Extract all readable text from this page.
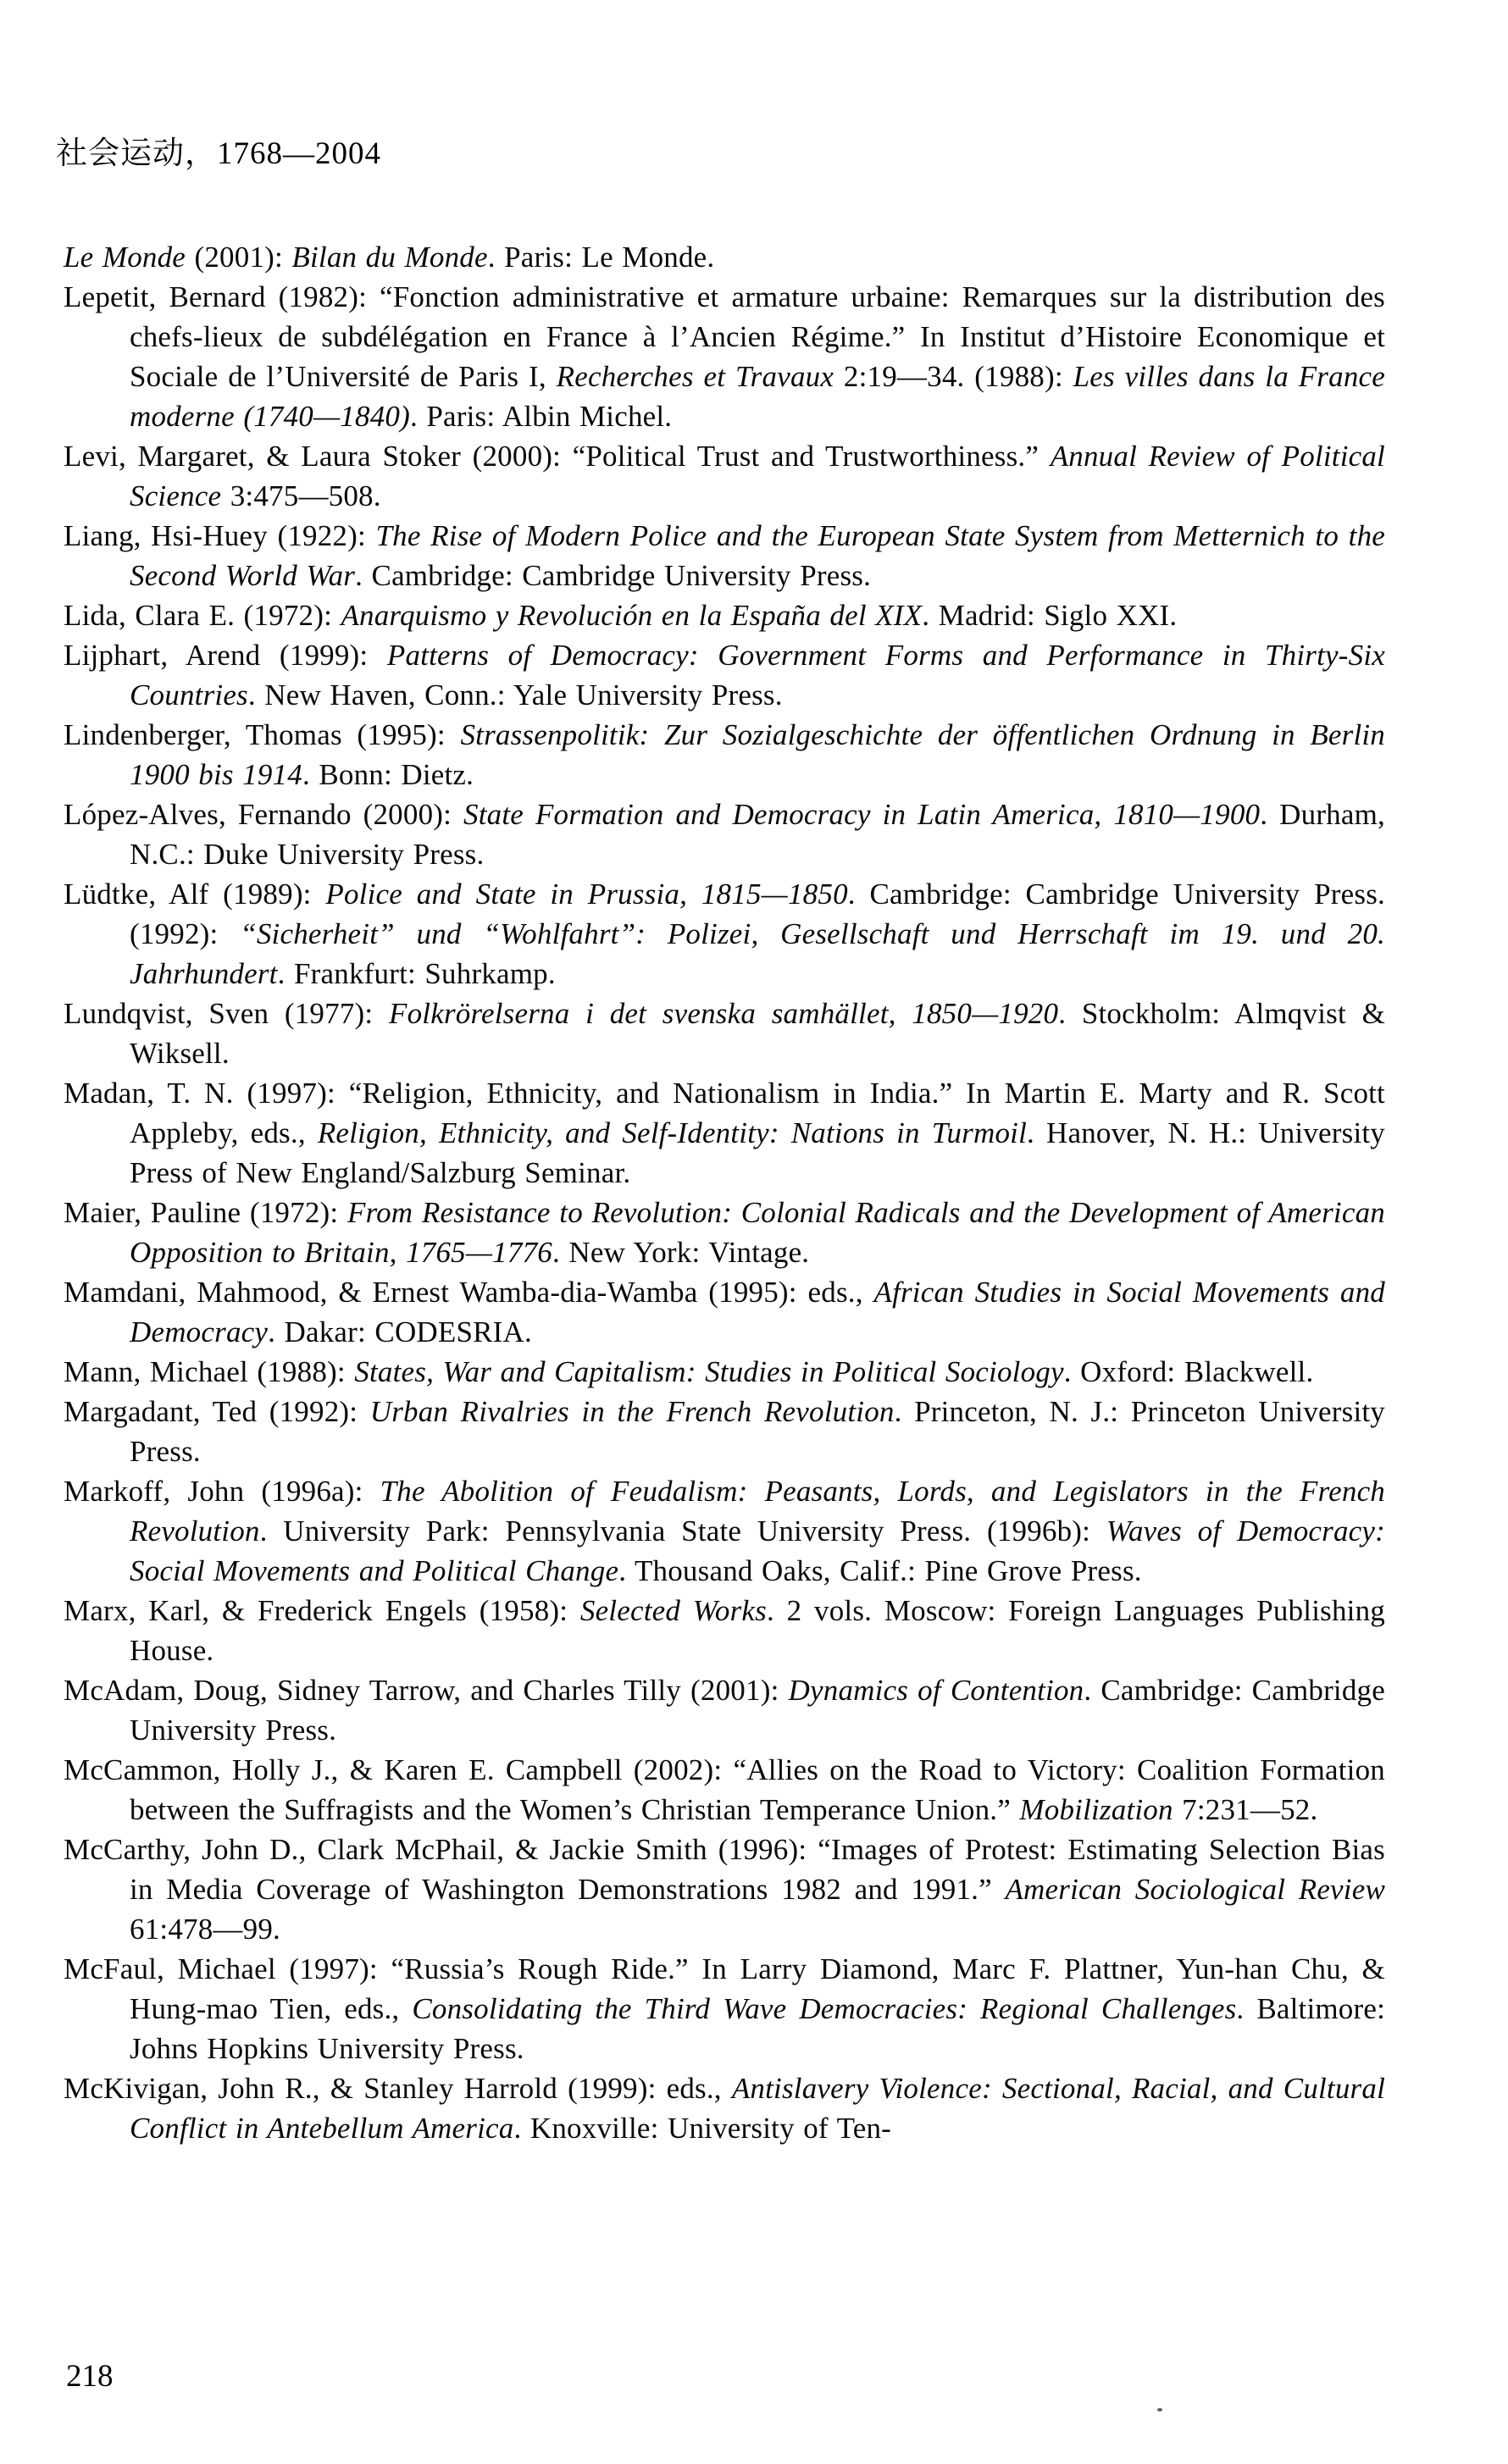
社会运动，1768—2004

Le Monde (2001): Bilan du Monde. Paris: Le Monde.

Lepetit, Bernard (1982): “Fonction administrative et armature urbaine: Remarques sur la distribution des chefs-lieux de subdélégation en France à l’Ancien Régime.” In Institut d’Histoire Economique et Sociale de l’Université de Paris I, Recherches et Travaux 2:19—34. (1988): Les villes dans la France moderne (1740—1840). Paris: Albin Michel.

Levi, Margaret, & Laura Stoker (2000): “Political Trust and Trustworthiness.” Annual Review of Political Science 3:475—508.

Liang, Hsi-Huey (1922): The Rise of Modern Police and the European State System from Metternich to the Second World War. Cambridge: Cambridge University Press.

Lida, Clara E. (1972): Anarquismo y Revolución en la España del XIX. Madrid: Siglo XXI.

Lijphart, Arend (1999): Patterns of Democracy: Government Forms and Performance in Thirty-Six Countries. New Haven, Conn.: Yale University Press.

Lindenberger, Thomas (1995): Strassenpolitik: Zur Sozialgeschichte der öffentlichen Ordnung in Berlin 1900 bis 1914. Bonn: Dietz.

López-Alves, Fernando (2000): State Formation and Democracy in Latin America, 1810—1900. Durham, N.C.: Duke University Press.

Lüdtke, Alf (1989): Police and State in Prussia, 1815—1850. Cambridge: Cambridge University Press. (1992): “Sicherheit” und “Wohlfahrt”: Polizei, Gesellschaft und Herrschaft im 19. und 20. Jahrhundert. Frankfurt: Suhrkamp.

Lundqvist, Sven (1977): Folkrörelserna i det svenska samhället, 1850—1920. Stockholm: Almqvist & Wiksell.

Madan, T. N. (1997): “Religion, Ethnicity, and Nationalism in India.” In Martin E. Marty and R. Scott Appleby, eds., Religion, Ethnicity, and Self-Identity: Nations in Turmoil. Hanover, N. H.: University Press of New England/Salzburg Seminar.

Maier, Pauline (1972): From Resistance to Revolution: Colonial Radicals and the Development of American Opposition to Britain, 1765—1776. New York: Vintage.

Mamdani, Mahmood, & Ernest Wamba-dia-Wamba (1995): eds., African Studies in Social Movements and Democracy. Dakar: CODESRIA.

Mann, Michael (1988): States, War and Capitalism: Studies in Political Sociology. Oxford: Blackwell.

Margadant, Ted (1992): Urban Rivalries in the French Revolution. Princeton, N. J.: Princeton University Press.

Markoff, John (1996a): The Abolition of Feudalism: Peasants, Lords, and Legislators in the French Revolution. University Park: Pennsylvania State University Press. (1996b): Waves of Democracy: Social Movements and Political Change. Thousand Oaks, Calif.: Pine Grove Press.

Marx, Karl, & Frederick Engels (1958): Selected Works. 2 vols. Moscow: Foreign Languages Publishing House.

McAdam, Doug, Sidney Tarrow, and Charles Tilly (2001): Dynamics of Contention. Cambridge: Cambridge University Press.

McCammon, Holly J., & Karen E. Campbell (2002): “Allies on the Road to Victory: Coalition Formation between the Suffragists and the Women’s Christian Temperance Union.” Mobilization 7:231—52.

McCarthy, John D., Clark McPhail, & Jackie Smith (1996): “Images of Protest: Estimating Selection Bias in Media Coverage of Washington Demonstrations 1982 and 1991.” American Sociological Review 61:478—99.

McFaul, Michael (1997): “Russia’s Rough Ride.” In Larry Diamond, Marc F. Plattner, Yun-han Chu, & Hung-mao Tien, eds., Consolidating the Third Wave Democracies: Regional Challenges. Baltimore: Johns Hopkins University Press.

McKivigan, John R., & Stanley Harrold (1999): eds., Antislavery Violence: Sectional, Racial, and Cultural Conflict in Antebellum America. Knoxville: University of Ten-

218
